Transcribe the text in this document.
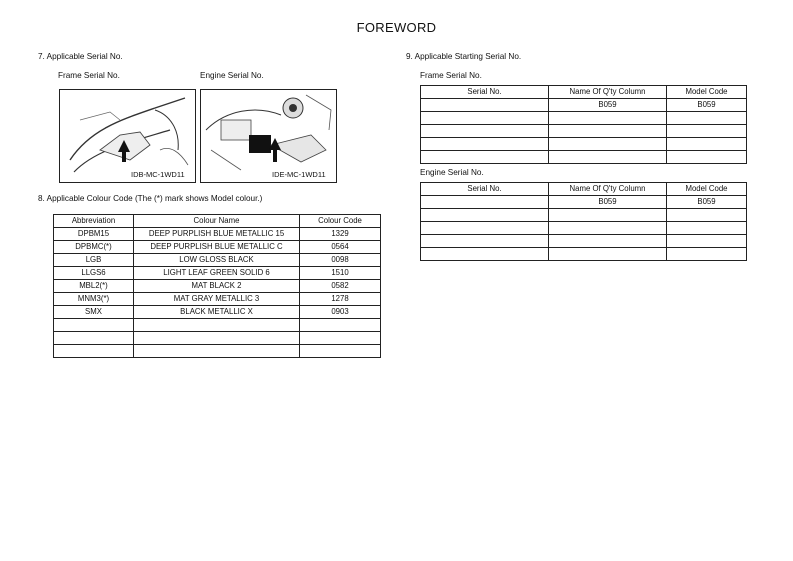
FOREWORD
7. Applicable Serial No.
Frame Serial No.	Engine Serial No.
IDB-MC-1WD11	IDE-MC-1WD11
8. Applicable Colour Code (The (*) mark shows Model colour.)
Abbreviation	Colour Name	Colour Code
DPBM15	DEEP PURPLISH BLUE METALLIC 15	1329
DPBMC(*)	DEEP PURPLISH BLUE METALLIC C	0564
LGB	LOW GLOSS BLACK	0098
LLGS6	LIGHT LEAF GREEN SOLID 6	1510
MBL2(*)	MAT BLACK 2	0582
MNM3(*)	MAT GRAY METALLIC 3	1278
SMX	BLACK METALLIC X	0903

9. Applicable Starting Serial No.
Frame Serial No.
Serial No.	Name Of Q'ty Column	Model Code
	B059	B059

Engine Serial No.
Serial No.	Name Of Q'ty Column	Model Code
	B059	B059
